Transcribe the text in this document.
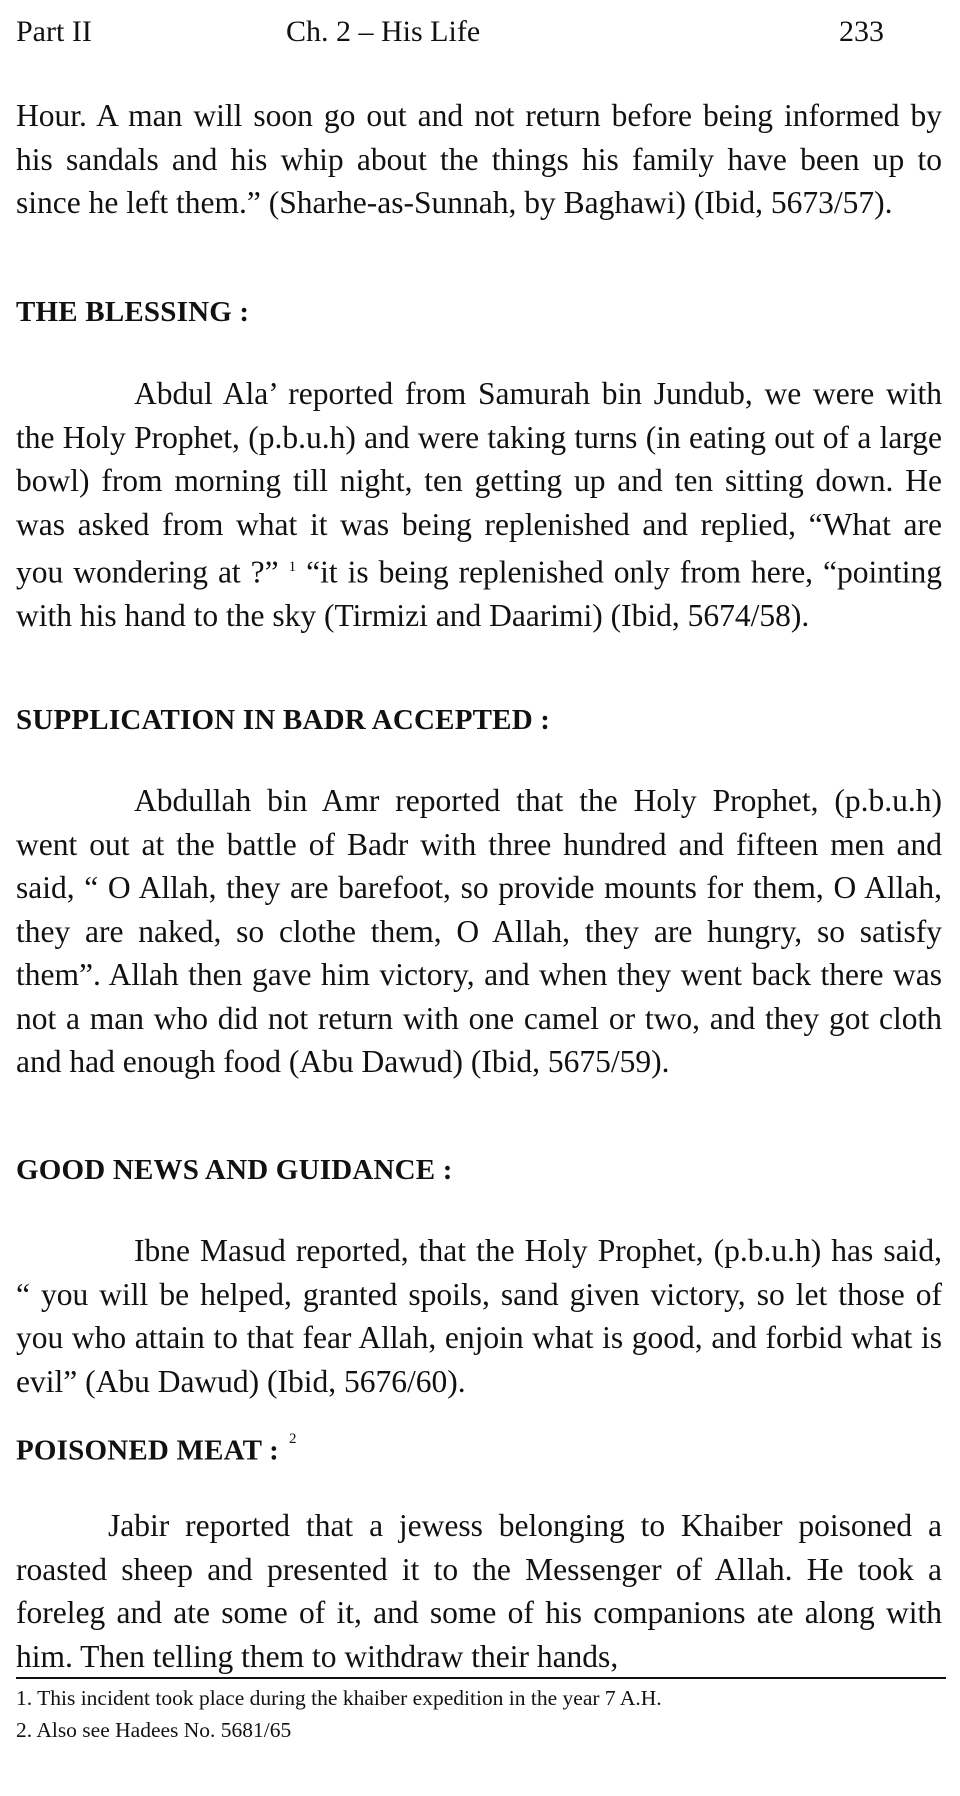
Part II	Ch. 2 – His Life	233

Hour. A man will soon go out and not return before being informed by his sandals and his whip about the things his family have been up to since he left them.” (Sharhe-as-Sunnah, by Baghawi) (Ibid, 5673/57).

THE BLESSING :

Abdul Ala’ reported from Samurah bin Jundub, we were with the Holy Prophet, (p.b.u.h) and were taking turns (in eating out of a large bowl) from morning till night, ten getting up and ten sitting down. He was asked from what it was being replenished and replied, “What are you wondering at ?” $^1$ “it is being replenished only from here, “pointing with his hand to the sky (Tirmizi and Daarimi) (Ibid, 5674/58).

SUPPLICATION IN BADR ACCEPTED :

Abdullah bin Amr reported that the Holy Prophet, (p.b.u.h) went out at the battle of Badr with three hundred and fifteen men and said, “ O Allah, they are barefoot, so provide mounts for them, O Allah, they are naked, so clothe them, O Allah, they are hungry, so satisfy them”. Allah then gave him victory, and when they went back there was not a man who did not return with one camel or two, and they got cloth and had enough food (Abu Dawud) (Ibid, 5675/59).

GOOD NEWS AND GUIDANCE :

Ibne Masud reported, that the Holy Prophet, (p.b.u.h) has said, “ you will be helped, granted spoils, sand given victory, so let those of you who attain to that fear Allah, enjoin what is good, and forbid what is evil” (Abu Dawud) (Ibid, 5676/60).

POISONED MEAT : $^2$

Jabir reported that a jewess belonging to Khaiber poisoned a roasted sheep and presented it to the Messenger of Allah. He took a foreleg and ate some of it, and some of his companions ate along with him. Then telling them to withdraw their hands,

1. This incident took place during the khaiber expedition in the year 7 A.H.

2. Also see Hadees No. 5681/65
